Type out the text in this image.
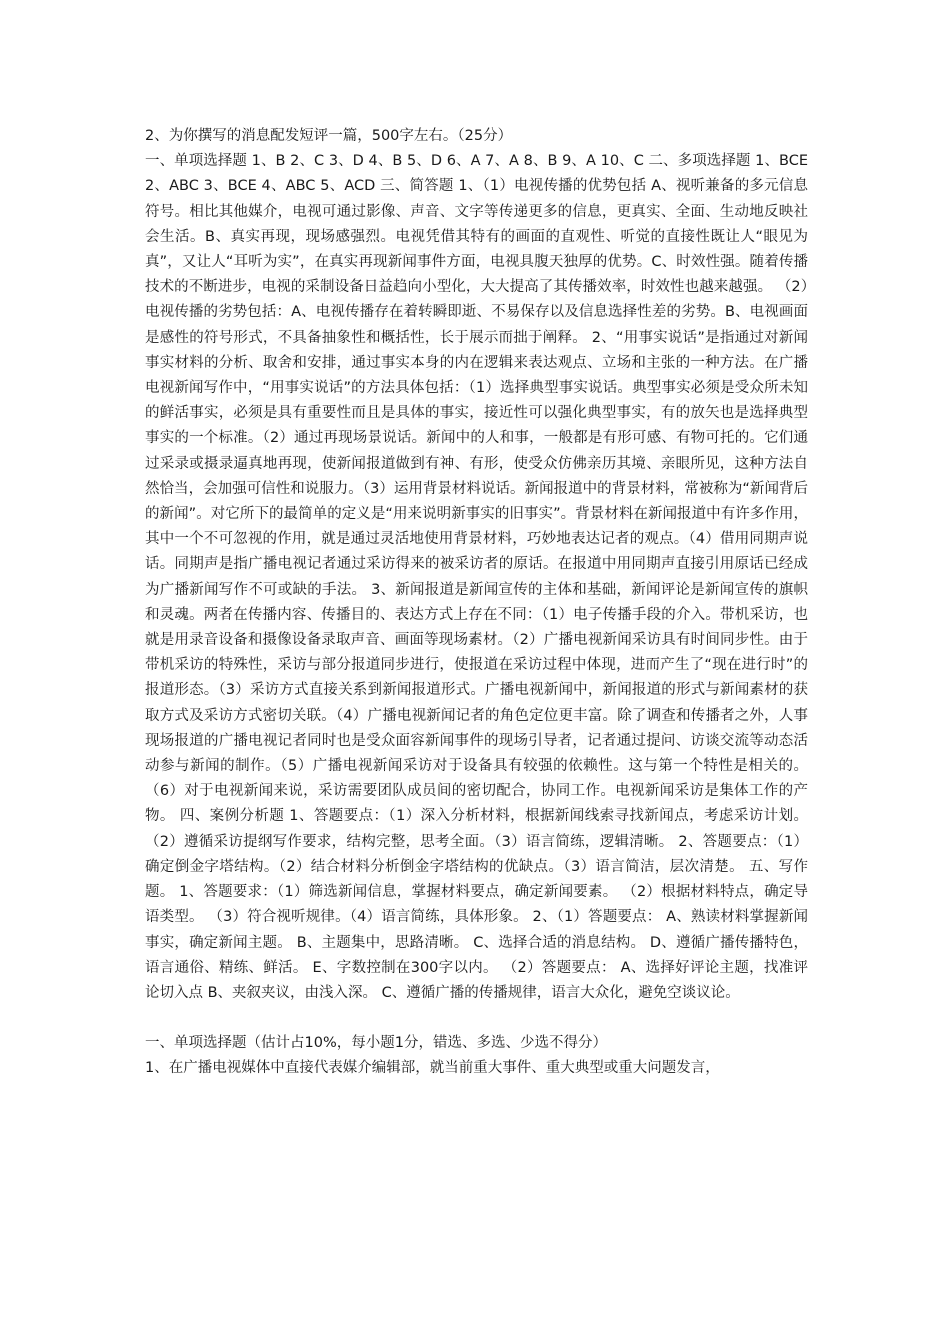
2、为你撰写的消息配发短评一篇，500字左右。（25分）

一、单项选择题 1、B 2、C 3、D 4、B 5、D 6、A 7、A 8、B 9、A 10、C 二、多项选择题 1、BCE 2、ABC 3、BCE 4、ABC 5、ACD 三、简答题 1、（1）电视传播的优势包括 A、视听兼备的多元信息符号。相比其他媒介，电视可通过影像、声音、文字等传递更多的信息，更真实、全面、生动地反映社会生活。B、真实再现，现场感强烈。电视凭借其特有的画面的直观性、听觉的直接性既让人“眼见为真”，又让人“耳听为实”，在真实再现新闻事件方面，电视具腹天独厚的优势。C、时效性强。随着传播技术的不断进步，电视的采制设备日益趋向小型化，大大提高了其传播效率，时效性也越来越强。 （2）电视传播的劣势包括：A、电视传播存在着转瞬即逝、不易保存以及信息选择性差的劣势。B、电视画面是感性的符号形式，不具备抽象性和概括性，长于展示而拙于阐释。 2、“用事实说话”是指通过对新闻事实材料的分析、取舍和安排，通过事实本身的内在逻辑来表达观点、立场和主张的一种方法。在广播电视新闻写作中，“用事实说话”的方法具体包括：（1）选择典型事实说话。典型事实必须是受众所未知的鲜活事实，必须是具有重要性而且是具体的事实，接近性可以强化典型事实，有的放矢也是选择典型事实的一个标准。（2）通过再现场景说话。新闻中的人和事，一般都是有形可感、有物可托的。它们通过采录或摄录逼真地再现，使新闻报道做到有神、有形，使受众仿佛亲历其境、亲眼所见，这种方法自然恰当，会加强可信性和说服力。（3）运用背景材料说话。新闻报道中的背景材料，常被称为“新闻背后的新闻”。对它所下的最简单的定义是“用来说明新事实的旧事实”。背景材料在新闻报道中有许多作用，其中一个不可忽视的作用，就是通过灵活地使用背景材料，巧妙地表达记者的观点。（4）借用同期声说话。同期声是指广播电视记者通过采访得来的被采访者的原话。在报道中用同期声直接引用原话已经成为广播新闻写作不可或缺的手法。 3、新闻报道是新闻宣传的主体和基础，新闻评论是新闻宣传的旗帜和灵魂。两者在传播内容、传播目的、表达方式上存在不同：（1）电子传播手段的介入。带机采访，也就是用录音设备和摄像设备录取声音、画面等现场素材。（2）广播电视新闻采访具有时间同步性。由于带机采访的特殊性，采访与部分报道同步进行，使报道在采访过程中体现，进而产生了“现在进行时”的报道形态。（3）采访方式直接关系到新闻报道形式。广播电视新闻中，新闻报道的形式与新闻素材的获取方式及采访方式密切关联。（4）广播电视新闻记者的角色定位更丰富。除了调查和传播者之外，人事现场报道的广播电视记者同时也是受众面容新闻事件的现场引导者，记者通过提问、访谈交流等动态活动参与新闻的制作。（5）广播电视新闻采访对于设备具有较强的依赖性。这与第一个特性是相关的。（6）对于电视新闻来说，采访需要团队成员间的密切配合，协同工作。电视新闻采访是集体工作的产物。 四、案例分析题 1、答题要点：（1）深入分析材料，根据新闻线索寻找新闻点，考虑采访计划。 （2）遵循采访提纲写作要求，结构完整，思考全面。（3）语言简练，逻辑清晰。 2、答题要点：（1）确定倒金字塔结构。（2）结合材料分析倒金字塔结构的优缺点。（3）语言简洁，层次清楚。 五、写作题。 1、答题要求：（1）筛选新闻信息，掌握材料要点，确定新闻要素。 （2）根据材料特点，确定导语类型。 （3）符合视听规律。（4）语言简练，具体形象。 2、（1）答题要点： A、熟读材料掌握新闻事实，确定新闻主题。 B、主题集中，思路清晰。 C、选择合适的消息结构。 D、遵循广播传播特色，语言通俗、精练、鲜活。 E、字数控制在300字以内。 （2）答题要点： A、选择好评论主题，找准评论切入点 B、夹叙夹议，由浅入深。 C、遵循广播的传播规律，语言大众化，避免空谈议论。

一、单项选择题（估计占10%，每小题1分，错选、多选、少选不得分）

1、在广播电视媒体中直接代表媒介编辑部，就当前重大事件、重大典型或重大问题发言，
